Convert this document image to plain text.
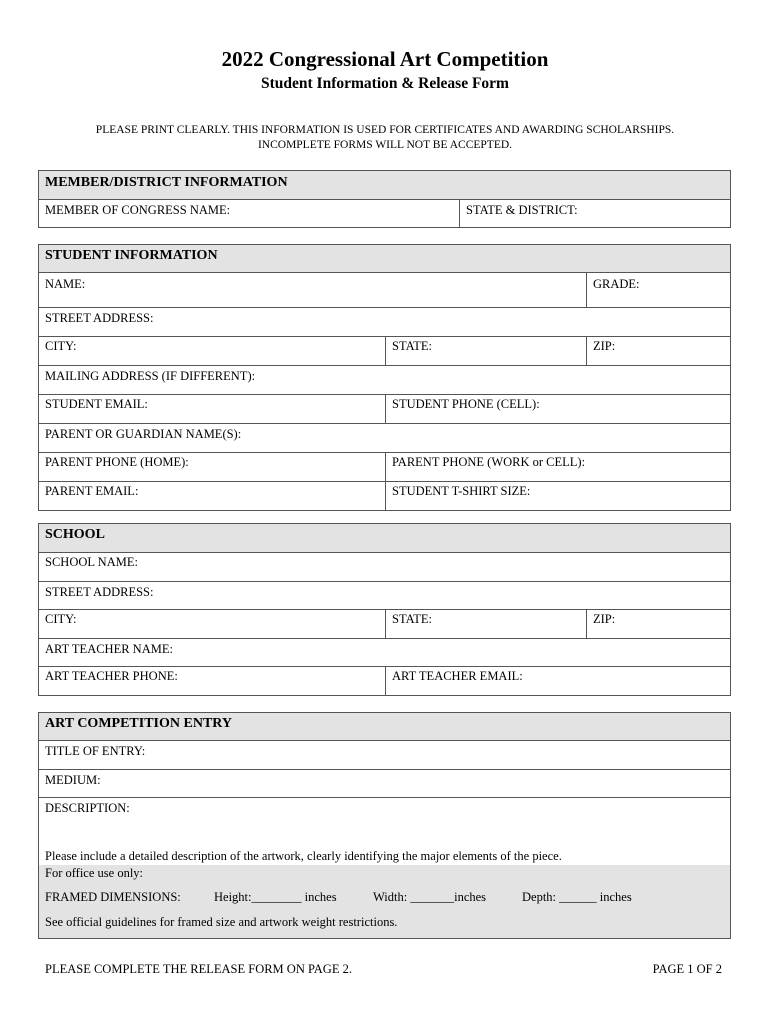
2022 Congressional Art Competition
Student Information & Release Form
PLEASE PRINT CLEARLY. THIS INFORMATION IS USED FOR CERTIFICATES AND AWARDING SCHOLARSHIPS.
INCOMPLETE FORMS WILL NOT BE ACCEPTED.
MEMBER/DISTRICT INFORMATION
MEMBER OF CONGRESS NAME:	STATE & DISTRICT:
STUDENT INFORMATION
NAME:	GRADE:
STREET ADDRESS:
CITY:	STATE:	ZIP:
MAILING ADDRESS (IF DIFFERENT):
STUDENT EMAIL:	STUDENT PHONE (CELL):
PARENT OR GUARDIAN NAME(S):
PARENT PHONE (HOME):	PARENT PHONE (WORK or CELL):
PARENT EMAIL:	STUDENT T-SHIRT SIZE:
SCHOOL
SCHOOL NAME:
STREET ADDRESS:
CITY:	STATE:	ZIP:
ART TEACHER NAME:
ART TEACHER PHONE:	ART TEACHER EMAIL:
ART COMPETITION ENTRY
TITLE OF ENTRY:
MEDIUM:
DESCRIPTION:
Please include a detailed description of the artwork, clearly identifying the major elements of the piece.
For office use only:
FRAMED DIMENSIONS:	Height:________ inches	Width: _______inches	Depth: ______ inches
See official guidelines for framed size and artwork weight restrictions.
PLEASE COMPLETE THE RELEASE FORM ON PAGE 2.	PAGE 1 OF 2
